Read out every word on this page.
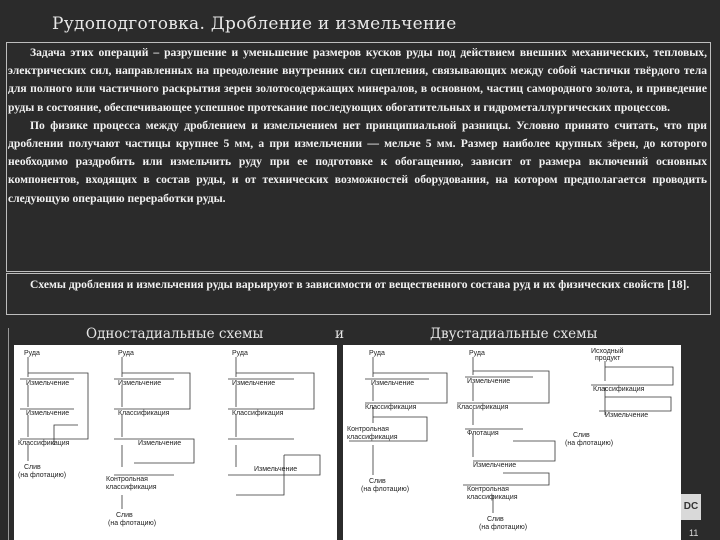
Рудоподготовка. Дробление и измельчение
Задача этих операций – разрушение и уменьшение размеров кусков руды под действием внешних механических, тепловых, электрических сил, направленных на преодоление внутренних сил сцепления, связывающих между собой частички твёрдого тела для полного или частичного раскрытия зерен золотосодержащих минералов, в основном, частиц самородного золота, и приведение руды в состояние, обеспечивающее успешное протекание последующих обогатительных и гидрометаллургических процессов.
По физике процесса между дроблением и измельчением нет принципиальной разницы. Условно принято считать, что при дроблении получают частицы крупнее 5 мм, а при измельчении — мельче 5 мм. Размер наиболее крупных зёрен, до которого необходимо раздробить или измельчить руду при ее подготовке к обогащению, зависит от размера включений основных компонентов, входящих в состав руды, и от технических возможностей оборудования, на котором предполагается проводить следующую операцию переработки руды.
Схемы дробления и измельчения руды варьируют в зависимости от вещественного состава руд и их физических свойств [18].
Одностадиальные схемы	и	Двустадиальные схемы
Руда
Измельчение
Измельчение
Классификация
Слив
(на флотацию)
Руда
Измельчение
Классификация
Измельчение
Контрольная
классификация
Слив
(на флотацию)
Руда
Измельчение
Классификация
Измельчение
Руда
Измельчение
Классификация
Контрольная
классификация
Слив
(на флотацию)
Руда
Измельчение
Классификация
Флотация
Измельчение
Контрольная
классификация
Слив
(на флотацию)
Исходный
продукт
Классификация
Измельчение
Слив
(на флотацию)
DC
11
